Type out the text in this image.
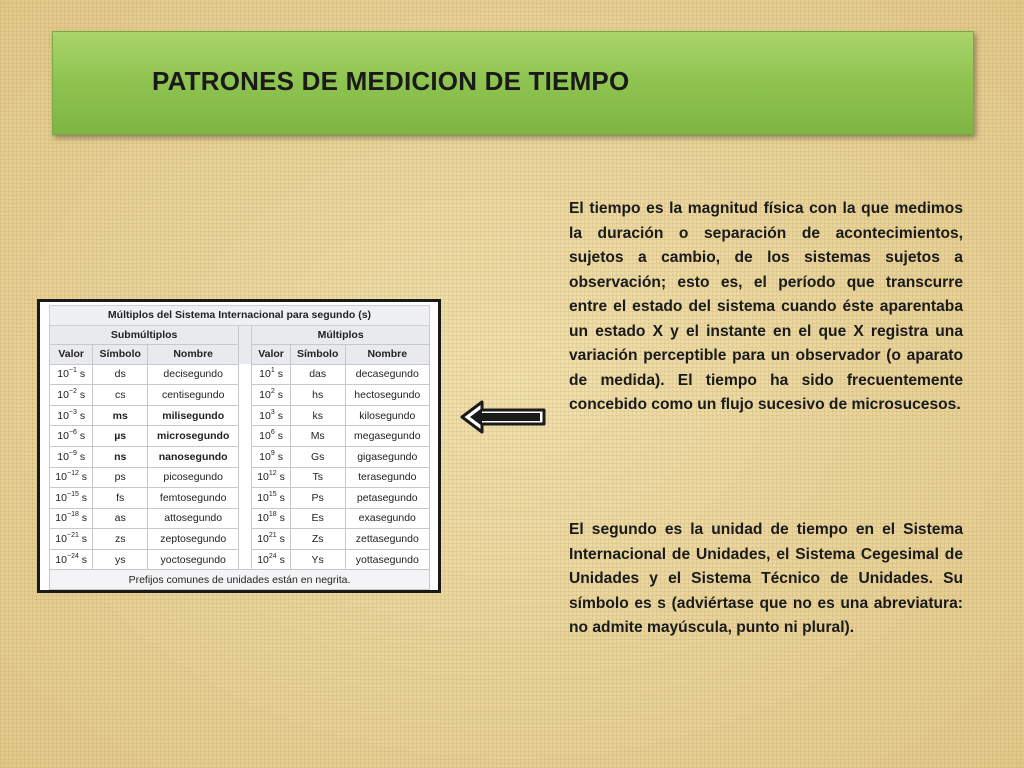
PATRONES DE MEDICION DE TIEMPO
Múltiplos del Sistema Internacional para segundo (s)						
Submúltiplos				Múltiplos		
Valor	Símbolo	Nombre		Valor	Símbolo	Nombre
$10^{-1}$ s	ds	decisegundo		$10^1$ s	das	decasegundo
$10^{-2}$ s	cs	centisegundo		$10^2$ s	hs	hectosegundo
$10^{-3}$ s	ms	milisegundo		$10^3$ s	ks	kilosegundo
$10^{-6}$ s	µs	microsegundo		$10^6$ s	Ms	megasegundo
$10^{-9}$ s	ns	nanosegundo		$10^9$ s	Gs	gigasegundo
$10^{-12}$ s	ps	picosegundo		$10^{12}$ s	Ts	terasegundo
$10^{-15}$ s	fs	femtosegundo		$10^{15}$ s	Ps	petasegundo
$10^{-18}$ s	as	attosegundo		$10^{18}$ s	Es	exasegundo
$10^{-21}$ s	zs	zeptosegundo		$10^{21}$ s	Zs	zettasegundo
$10^{-24}$ s	ys	yoctosegundo		$10^{24}$ s	Ys	yottasegundo
Prefijos comunes de unidades están en negrita.						

El tiempo es la magnitud física con la que medimos la duración o separación de acontecimientos, sujetos a cambio, de los sistemas sujetos a observación; esto es, el período que transcurre entre el estado del sistema cuando éste aparentaba un estado X y el instante en el que X registra una variación perceptible para un observador (o aparato de medida). El tiempo ha sido frecuentemente concebido como un flujo sucesivo de microsucesos.

El segundo es la unidad de tiempo en el Sistema Internacional de Unidades, el Sistema Cegesimal de Unidades y el Sistema Técnico de Unidades. Su símbolo es s (adviértase que no es una abreviatura: no admite mayúscula, punto ni plural).
